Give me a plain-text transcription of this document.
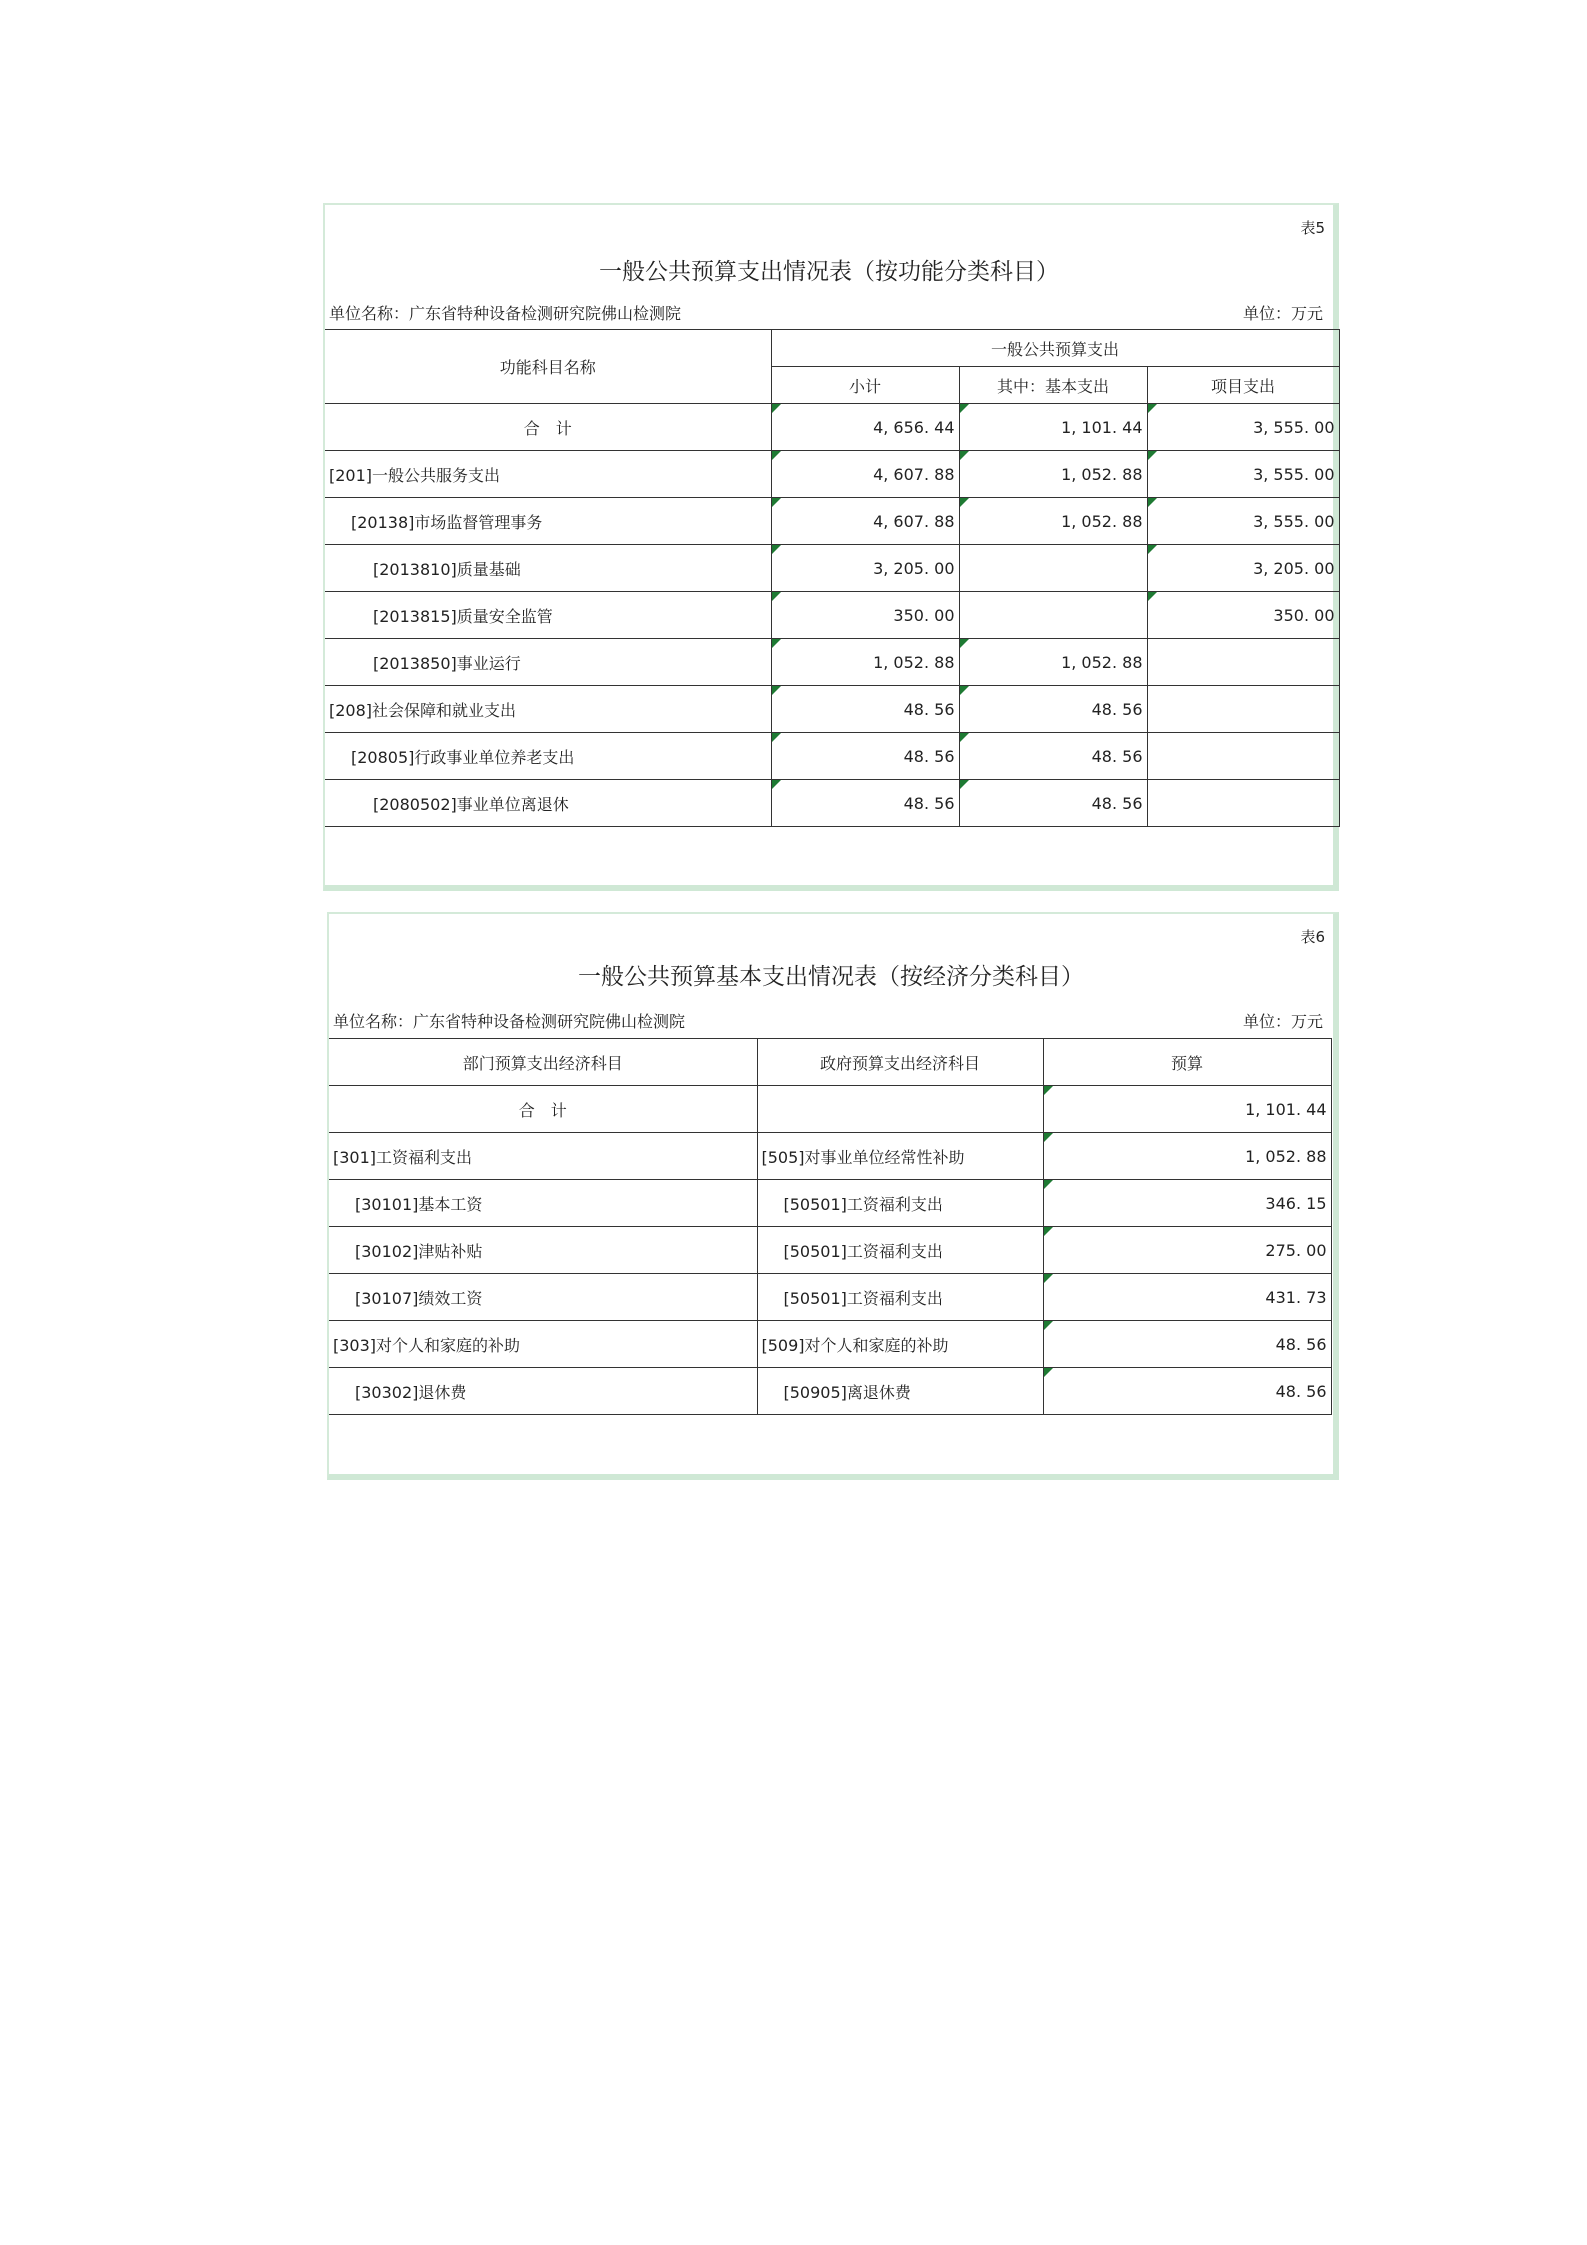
表5
一般公共预算支出情况表（按功能分类科目）
单位名称：广东省特种设备检测研究院佛山检测院	单位：万元
功能科目名称	一般公共预算支出		
	小计	其中：基本支出	项目支出
合　计	4, 656. 44	1, 101. 44	3, 555. 00
[201]一般公共服务支出	4, 607. 88	1, 052. 88	3, 555. 00
[20138]市场监督管理事务	4, 607. 88	1, 052. 88	3, 555. 00
[2013810]质量基础	3, 205. 00		3, 205. 00
[2013815]质量安全监管	350. 00		350. 00
[2013850]事业运行	1, 052. 88	1, 052. 88	
[208]社会保障和就业支出	48. 56	48. 56	
[20805]行政事业单位养老支出	48. 56	48. 56	
[2080502]事业单位离退休	48. 56	48. 56	
表6
一般公共预算基本支出情况表（按经济分类科目）
单位名称：广东省特种设备检测研究院佛山检测院	单位：万元
部门预算支出经济科目	政府预算支出经济科目	预算
合　计		1, 101. 44
[301]工资福利支出	[505]对事业单位经常性补助	1, 052. 88
[30101]基本工资	[50501]工资福利支出	346. 15
[30102]津贴补贴	[50501]工资福利支出	275. 00
[30107]绩效工资	[50501]工资福利支出	431. 73
[303]对个人和家庭的补助	[509]对个人和家庭的补助	48. 56
[30302]退休费	[50905]离退休费	48. 56
